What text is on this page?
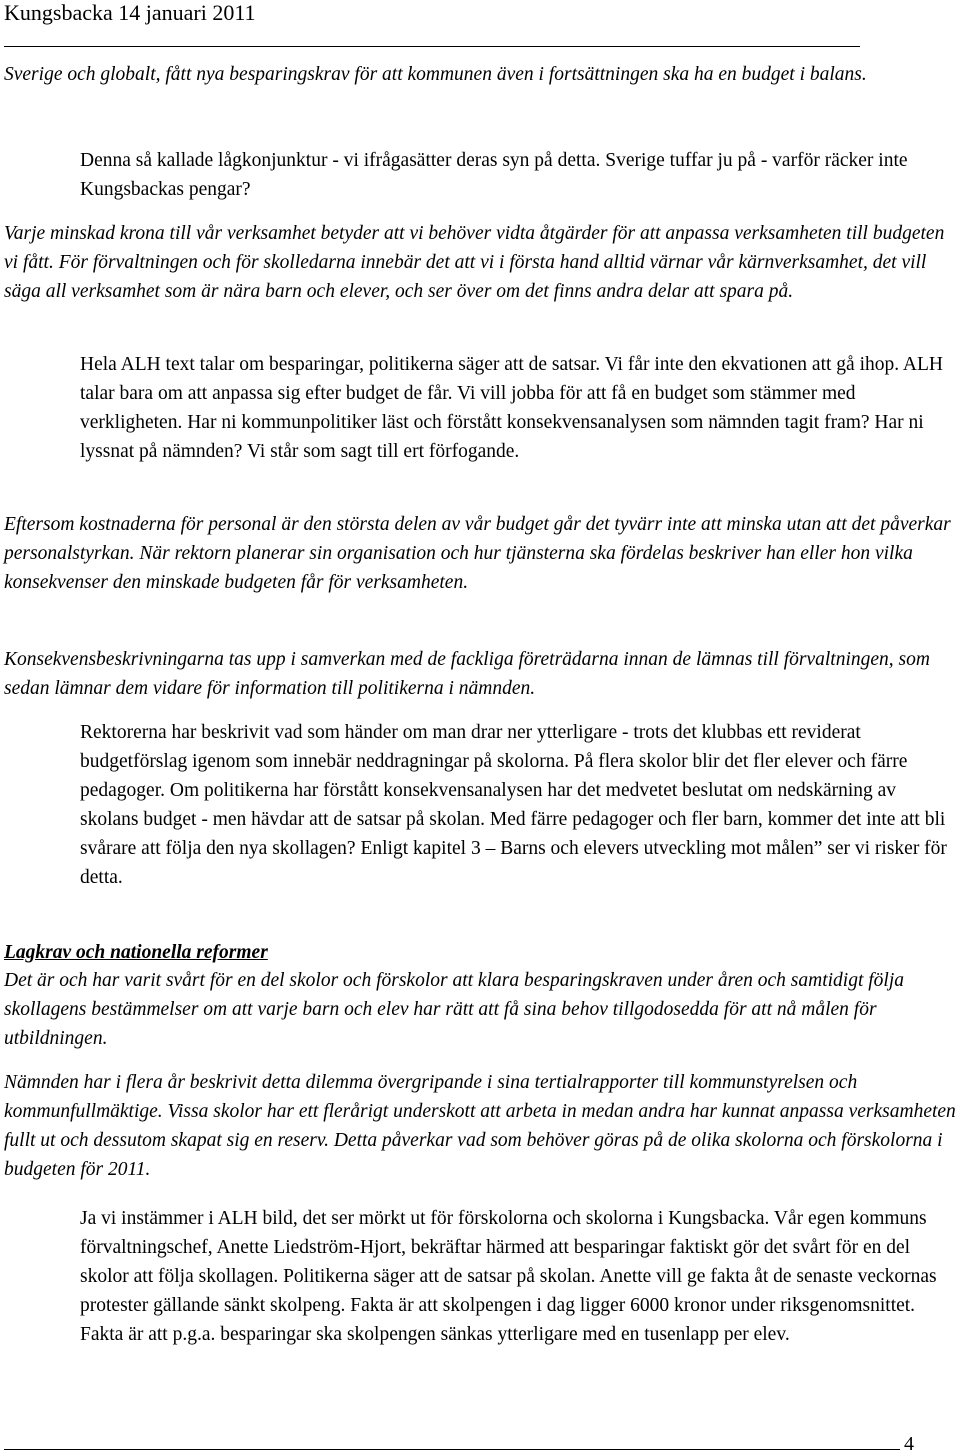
Kungsbacka 14 januari 2011

Sverige och globalt, fått nya besparingskrav för att kommunen även i fortsättningen ska ha en budget i balans.

Denna så kallade lågkonjunktur - vi ifrågasätter deras syn på detta. Sverige tuffar ju på - varför räcker inte Kungsbackas pengar?

Varje minskad krona till vår verksamhet betyder att vi behöver vidta åtgärder för att anpassa verksamheten till budgeten vi fått. För förvaltningen och för skolledarna innebär det att vi i första hand alltid värnar vår kärnverksamhet, det vill säga all verksamhet som är nära barn och elever, och ser över om det finns andra delar att spara på.

Hela ALH text talar om besparingar, politikerna säger att de satsar. Vi får inte den ekvationen att gå ihop. ALH talar bara om att anpassa sig efter budget de får. Vi vill jobba för att få en budget som stämmer med verkligheten. Har ni kommunpolitiker läst och förstått konsekvensanalysen som nämnden tagit fram? Har ni lyssnat på nämnden? Vi står som sagt till ert förfogande.

Eftersom kostnaderna för personal är den största delen av vår budget går det tyvärr inte att minska utan att det påverkar personalstyrkan. När rektorn planerar sin organisation och hur tjänsterna ska fördelas beskriver han eller hon vilka konsekvenser den minskade budgeten får för verksamheten.

Konsekvensbeskrivningarna tas upp i samverkan med de fackliga företrädarna innan de lämnas till förvaltningen, som sedan lämnar dem vidare för information till politikerna i nämnden.

Rektorerna har beskrivit vad som händer om man drar ner ytterligare - trots det klubbas ett reviderat budgetförslag igenom som innebär neddragningar på skolorna. På flera skolor blir det fler elever och färre pedagoger. Om politikerna har förstått konsekvensanalysen har det medvetet beslutat om nedskärning av skolans budget - men hävdar att de satsar på skolan. Med färre pedagoger och fler barn, kommer det inte att bli svårare att följa den nya skollagen? Enligt kapitel 3 – Barns och elevers utveckling mot målen” ser vi risker för detta.

Lagkrav och nationella reformer

Det är och har varit svårt för en del skolor och förskolor att klara besparingskraven under åren och samtidigt följa skollagens bestämmelser om att varje barn och elev har rätt att få sina behov tillgodosedda för att nå målen för utbildningen.

Nämnden har i flera år beskrivit detta dilemma övergripande i sina tertialrapporter till kommunstyrelsen och kommunfullmäktige. Vissa skolor har ett flerårigt underskott att arbeta in medan andra har kunnat anpassa verksamheten fullt ut och dessutom skapat sig en reserv. Detta påverkar vad som behöver göras på de olika skolorna och förskolorna i budgeten för 2011.

Ja vi instämmer i ALH bild, det ser mörkt ut för förskolorna och skolorna i Kungsbacka. Vår egen kommuns förvaltningschef, Anette Liedström-Hjort, bekräftar härmed att besparingar faktiskt gör det svårt för en del skolor att följa skollagen. Politikerna säger att de satsar på skolan. Anette vill ge fakta åt de senaste veckornas protester gällande sänkt skolpeng. Fakta är att skolpengen i dag ligger 6000 kronor under riksgenomsnittet. Fakta är att p.g.a. besparingar ska skolpengen sänkas ytterligare med en tusenlapp per elev.

4
